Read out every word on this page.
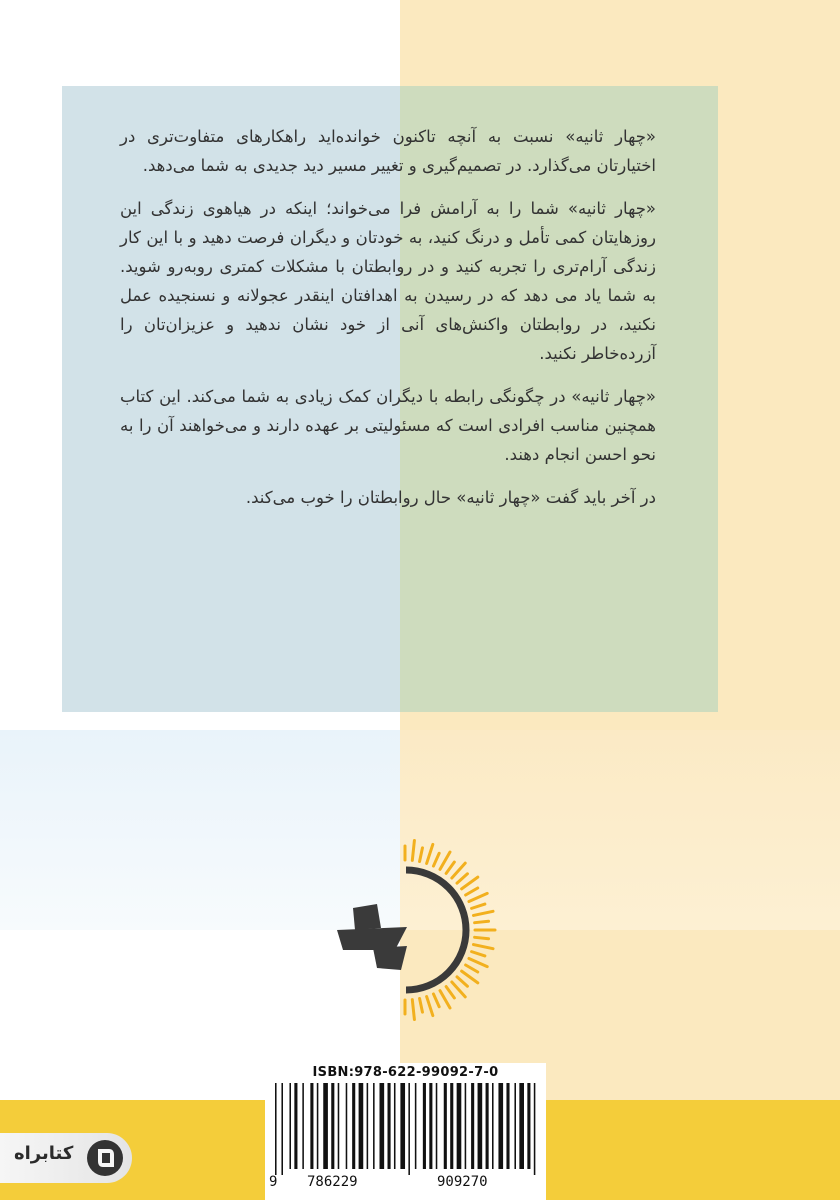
«چهار ثانیه» نسبت به آنچه تاکنون خوانده‌اید راهکارهای متفاوت‌تری در اختیارتان می‌گذارد. در تصمیم‌گیری و تغییر مسیر دید جدیدی به شما می‌دهد.

«چهار ثانیه» شما را به آرامش فرا می‌خواند؛ اینکه در هیاهوی زندگی این روزهایتان کمی تأمل و درنگ کنید، به خودتان و دیگران فرصت دهید و با این کار زندگی آرام‌تری را تجربه کنید و در روابطتان با مشکلات کمتری روبه‌رو شوید. به شما یاد می دهد که در رسیدن به اهدافتان اینقدر عجولانه و نسنجیده عمل نکنید، در روابطتان واکنش‌های آنی از خود نشان ندهید و عزیزان‌تان را آزرده‌خاطر نکنید.

«چهار ثانیه» در چگونگی رابطه با دیگران کمک زیادی به شما می‌کند. این کتاب همچنین مناسب افرادی است که مسئولیتی بر عهده دارند و می‌خواهند آن را به نحو احسن انجام دهند.

در آخر باید گفت «چهار ثانیه» حال روابطتان را خوب می‌کند.

ISBN:978-622-99092-7-0
9 786229	909270
کتابراه
